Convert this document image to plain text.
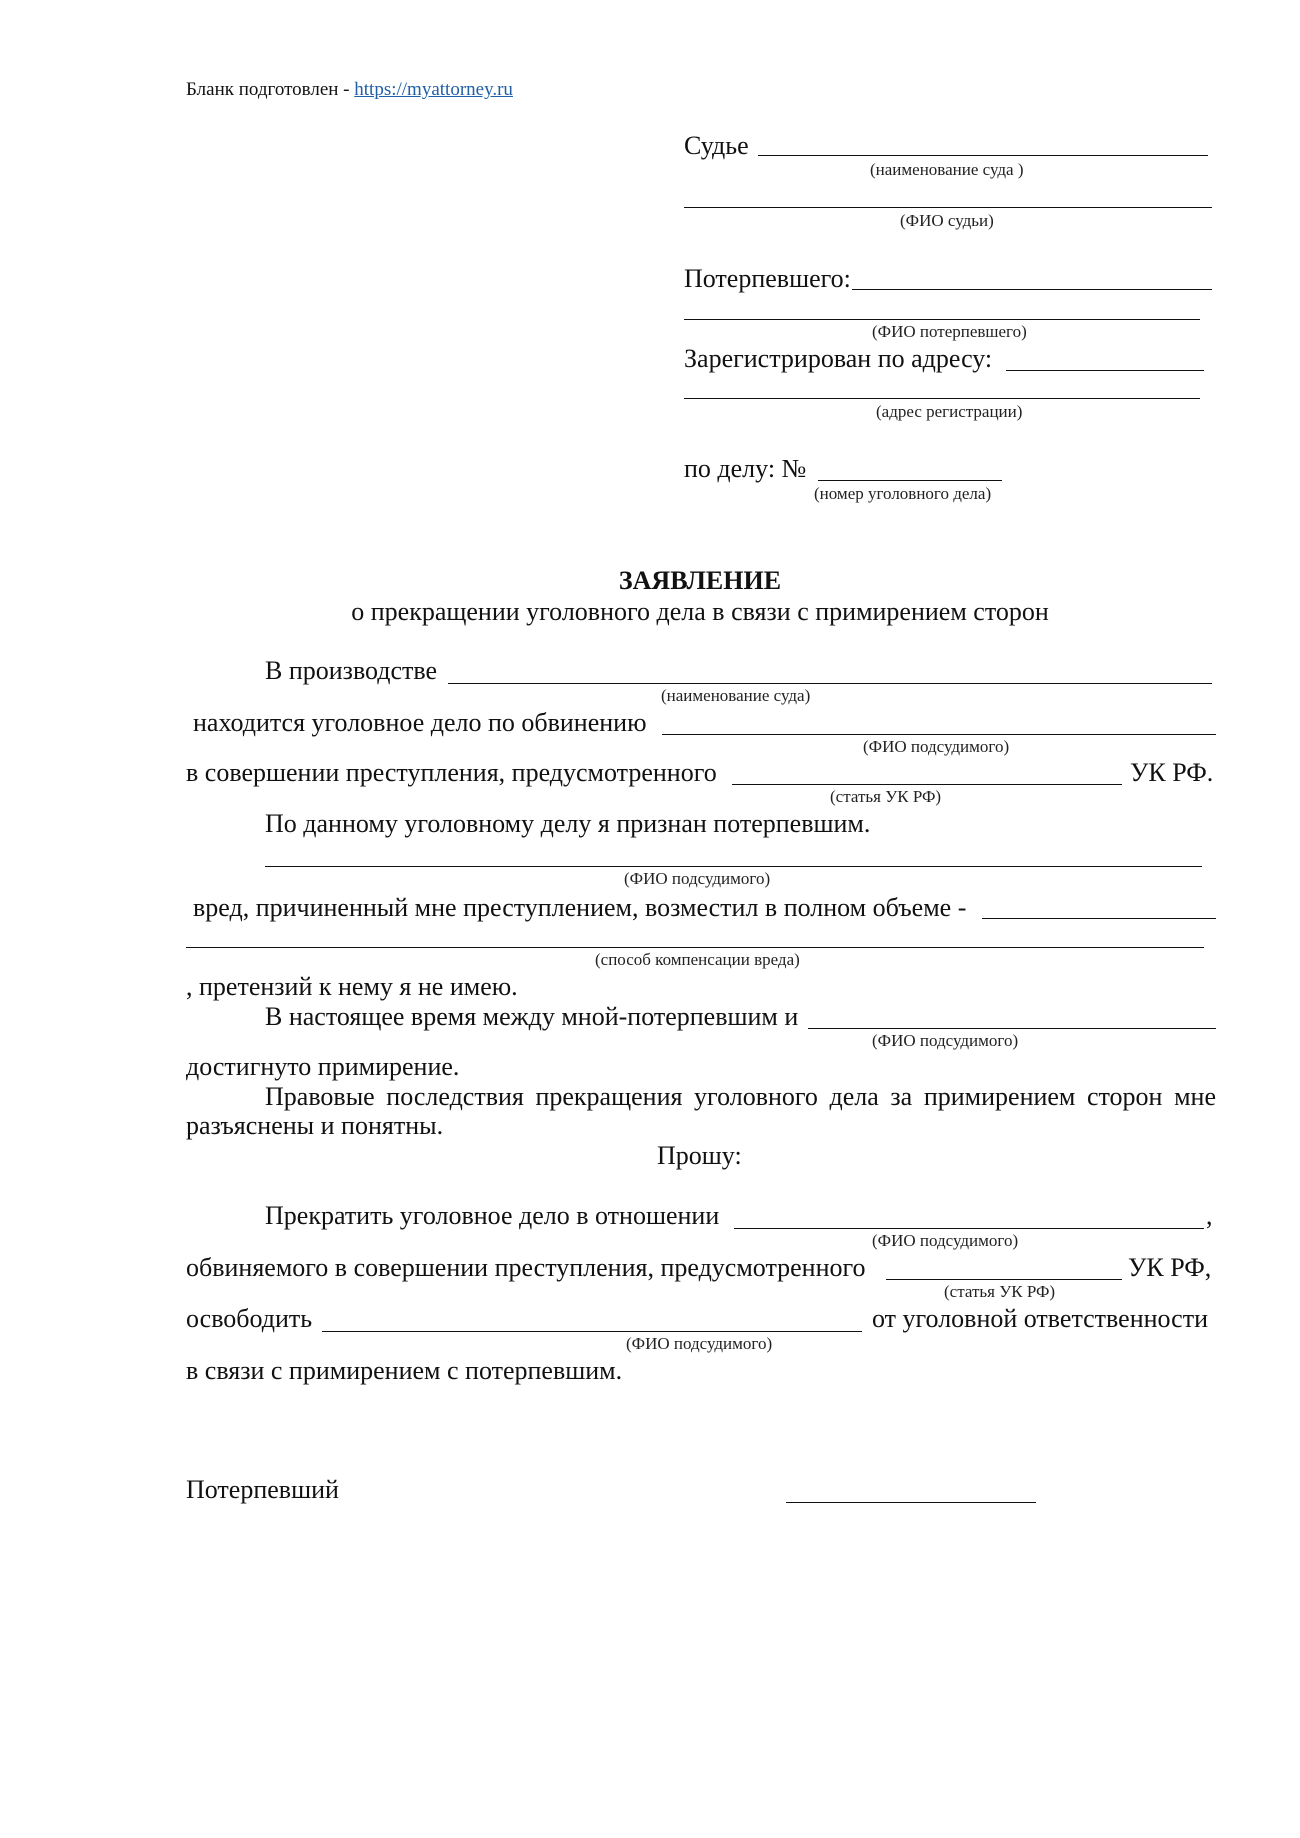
Бланк подготовлен - https://myattorney.ru
Судье
(наименование суда )
(ФИО судьи)
Потерпевшего:
(ФИО потерпевшего)
Зарегистрирован по адресу:
(адрес регистрации)
по делу: №
(номер уголовного дела)
ЗАЯВЛЕНИЕ
о прекращении уголовного дела в связи с примирением сторон
В производстве
(наименование суда)
находится уголовное дело по обвинению
(ФИО подсудимого)
в совершении преступления, предусмотренного	УК РФ.
(статья УК РФ)
По данному уголовному делу я признан потерпевшим.
(ФИО подсудимого)
вред, причиненный мне преступлением, возместил в полном объеме -
(способ компенсации вреда)
, претензий к нему я не имею.
В настоящее время между мной-потерпевшим и
(ФИО подсудимого)
достигнуто примирение.
Правовые последствия прекращения уголовного дела за примирением сторон мне
разъяснены и понятны.
Прошу:
Прекратить уголовное дело в отношении	,
(ФИО подсудимого)
обвиняемого в совершении преступления, предусмотренного	УК РФ,
(статья УК РФ)
освободить	от уголовной ответственности
(ФИО подсудимого)
в связи с примирением с потерпевшим.
Потерпевший
